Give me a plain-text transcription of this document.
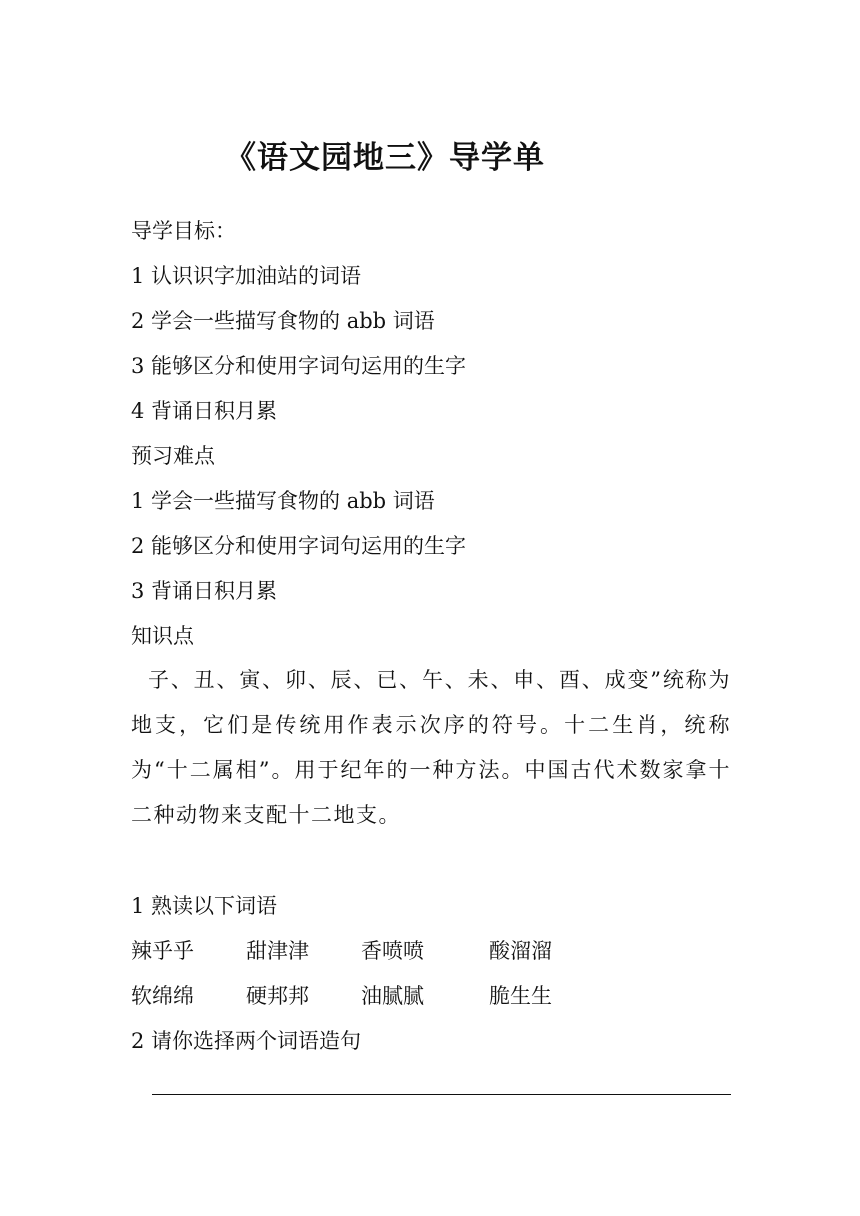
《语文园地三》导学单
导学目标：
1 认识识字加油站的词语
2 学会一些描写食物的 abb 词语
3 能够区分和使用字词句运用的生字
4 背诵日积月累
预习难点
1 学会一些描写食物的 abb 词语
2 能够区分和使用字词句运用的生字
3 背诵日积月累
知识点
子、丑、寅、卯、辰、已、午、未、申、酉、成变”统称为地支，它们是传统用作表示次序的符号。十二生肖，统称为“十二属相”。用于纪年的一种方法。中国古代术数家拿十二种动物来支配十二地支。
1 熟读以下词语
辣乎乎 甜津津 香喷喷	酸溜溜
软绵绵 硬邦邦 油腻腻	脆生生
2 请你选择两个词语造句
